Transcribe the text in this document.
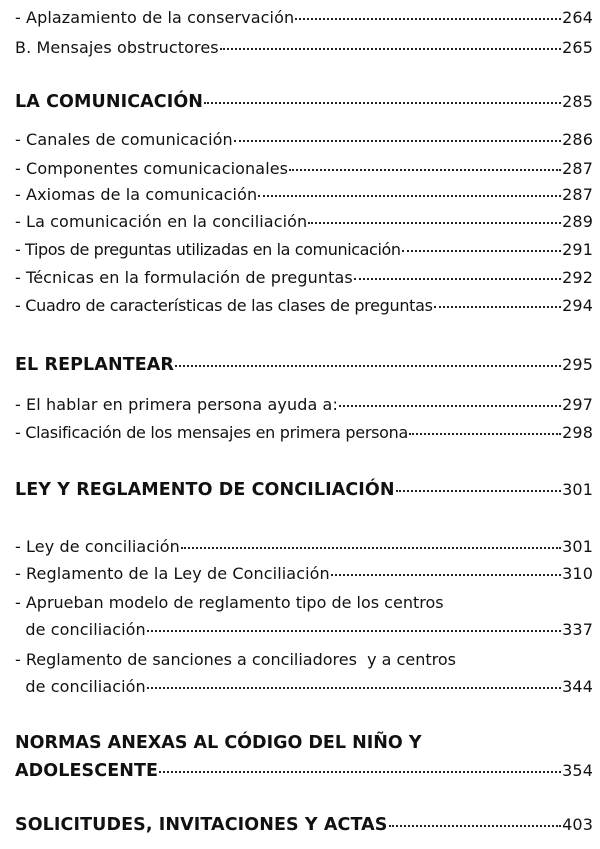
- Aplazamiento de la conservación	264
B. Mensajes obstructores	265
LA COMUNICACIÓN	285
- Canales de comunicación	286
- Componentes comunicacionales	287
- Axiomas de la comunicación	287
- La comunicación en la conciliación	289
- Tipos de preguntas utilizadas en la comunicación	291
- Técnicas en la formulación de preguntas	292
- Cuadro de características de las clases de preguntas	294
EL REPLANTEAR	295
- El hablar en primera persona ayuda a:	297
- Clasificación de los mensajes en primera persona	298
LEY Y REGLAMENTO DE CONCILIACIÓN	301
- Ley de conciliación	301
- Reglamento de la Ley de Conciliación	310
- Aprueban modelo de reglamento tipo de los centros
de conciliación	337
- Reglamento de sanciones a conciliadores  y a centros
de conciliación	344
NORMAS ANEXAS AL CÓDIGO DEL NIÑO Y
ADOLESCENTE	354
SOLICITUDES, INVITACIONES Y ACTAS	403
